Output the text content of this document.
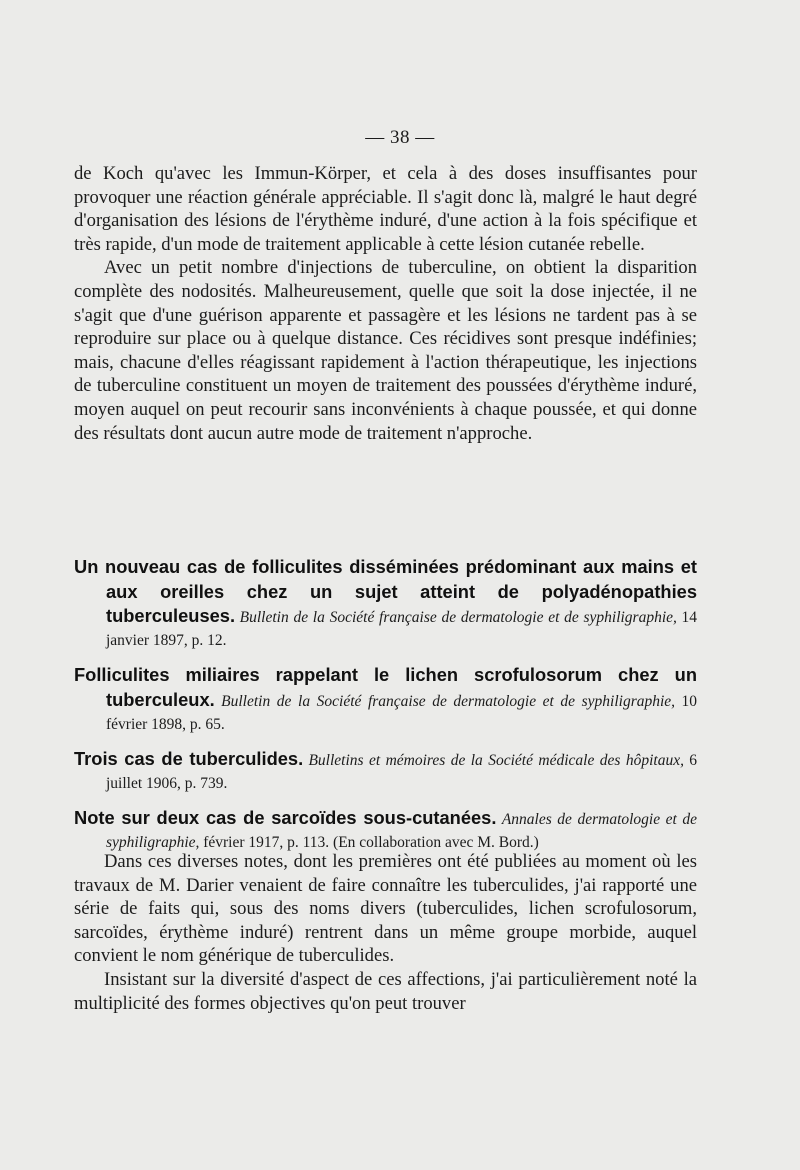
— 38 —

de Koch qu'avec les Immun-Körper, et cela à des doses insuffisantes pour provoquer une réaction générale appréciable. Il s'agit donc là, malgré le haut degré d'organisation des lésions de l'érythème induré, d'une action à la fois spécifique et très rapide, d'un mode de traitement applicable à cette lésion cutanée rebelle.

Avec un petit nombre d'injections de tuberculine, on obtient la disparition complète des nodosités. Malheureusement, quelle que soit la dose injectée, il ne s'agit que d'une guérison apparente et passagère et les lésions ne tardent pas à se reproduire sur place ou à quelque distance. Ces récidives sont presque indéfinies; mais, chacune d'elles réagissant rapidement à l'action thérapeutique, les injections de tuberculine constituent un moyen de traitement des poussées d'érythème induré, moyen auquel on peut recourir sans inconvénients à chaque poussée, et qui donne des résultats dont aucun autre mode de traitement n'approche.

Un nouveau cas de folliculites disséminées prédominant aux mains et aux oreilles chez un sujet atteint de polyadénopathies tuberculeuses. Bulletin de la Société française de dermatologie et de syphiligraphie, 14 janvier 1897, p. 12.

Folliculites miliaires rappelant le lichen scrofulosorum chez un tuberculeux. Bulletin de la Société française de dermatologie et de syphiligraphie, 10 février 1898, p. 65.

Trois cas de tuberculides. Bulletins et mémoires de la Société médicale des hôpitaux, 6 juillet 1906, p. 739.

Note sur deux cas de sarcoïdes sous-cutanées. Annales de dermatologie et de syphiligraphie, février 1917, p. 113. (En collaboration avec M. Bord.)

Dans ces diverses notes, dont les premières ont été publiées au moment où les travaux de M. Darier venaient de faire connaître les tuberculides, j'ai rapporté une série de faits qui, sous des noms divers (tuberculides, lichen scrofulosorum, sarcoïdes, érythème induré) rentrent dans un même groupe morbide, auquel convient le nom générique de tuberculides.

Insistant sur la diversité d'aspect de ces affections, j'ai particulièrement noté la multiplicité des formes objectives qu'on peut trouver
